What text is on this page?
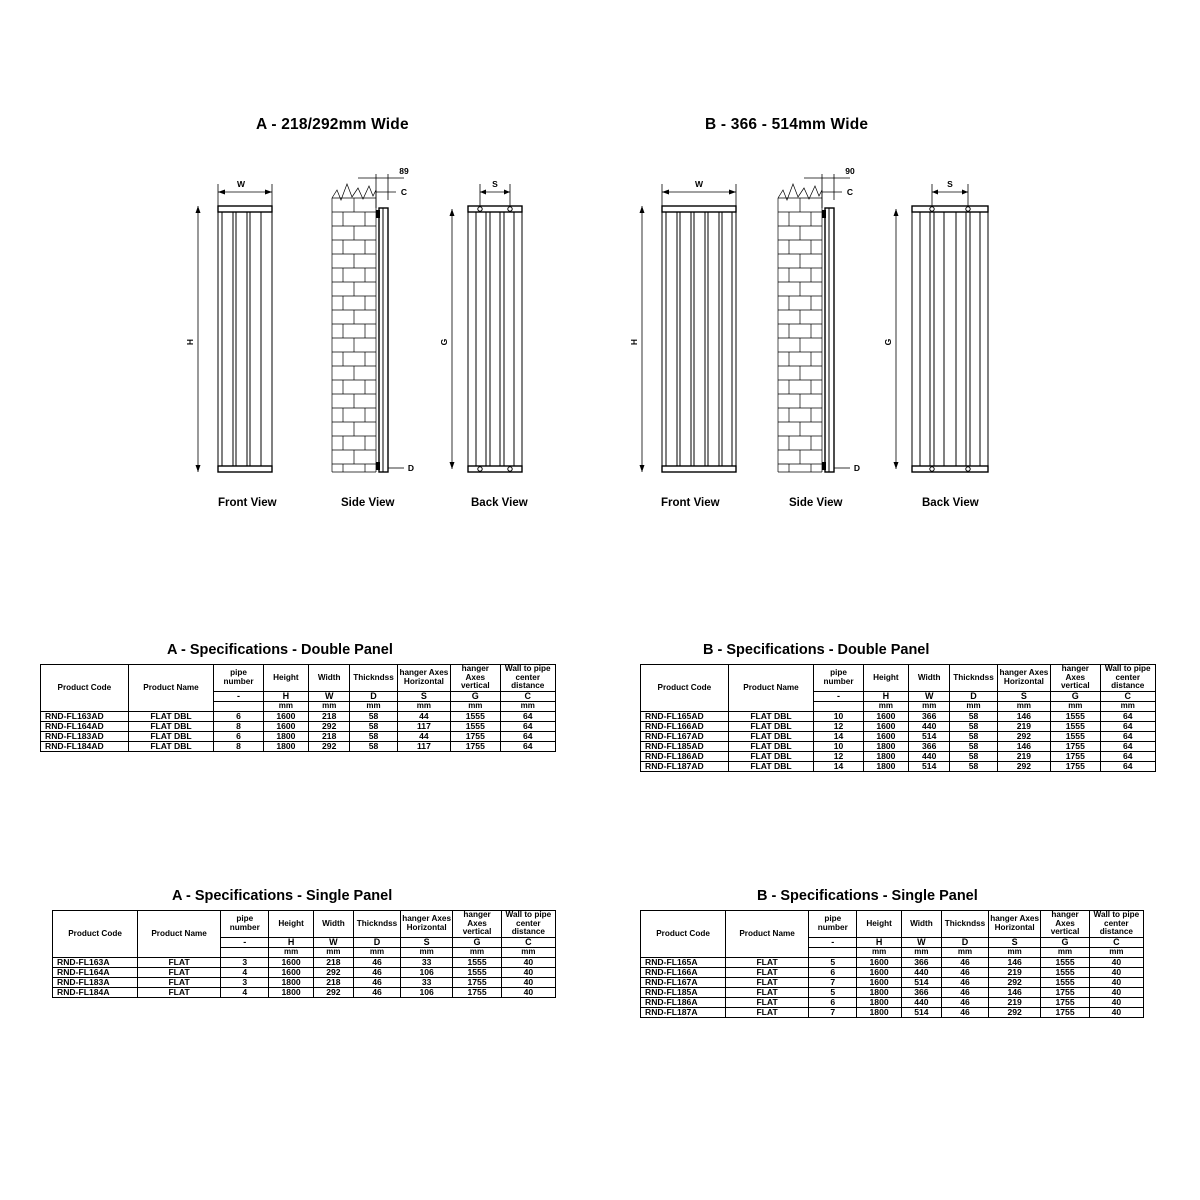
A - 218/292mm Wide
W
H
89
C
D
S
G
Front View	Side View	Back View
B - 366 - 514mm Wide
W
H
90
C
D
S
G
Front View	Side View	Back View
A - Specifications - Double Panel
Product Code	Product Name	pipe number	Height	Width	Thickndss	hanger Axes Horizontal	hanger Axes vertical	Wall to pipe center distance
		-	H	W	D	S	G	C
			mm	mm	mm	mm	mm	mm
RND-FL163AD	FLAT DBL	6	1600	218	58	44	1555	64
RND-FL164AD	FLAT DBL	8	1600	292	58	117	1555	64
RND-FL183AD	FLAT DBL	6	1800	218	58	44	1755	64
RND-FL184AD	FLAT DBL	8	1800	292	58	117	1755	64
B - Specifications - Double Panel
Product Code	Product Name	pipe number	Height	Width	Thickndss	hanger Axes Horizontal	hanger Axes vertical	Wall to pipe center distance
		-	H	W	D	S	G	C
			mm	mm	mm	mm	mm	mm
RND-FL165AD	FLAT DBL	10	1600	366	58	146	1555	64
RND-FL166AD	FLAT DBL	12	1600	440	58	219	1555	64
RND-FL167AD	FLAT DBL	14	1600	514	58	292	1555	64
RND-FL185AD	FLAT DBL	10	1800	366	58	146	1755	64
RND-FL186AD	FLAT DBL	12	1800	440	58	219	1755	64
RND-FL187AD	FLAT DBL	14	1800	514	58	292	1755	64
A - Specifications - Single Panel
Product Code	Product Name	pipe number	Height	Width	Thickndss	hanger Axes Horizontal	hanger Axes vertical	Wall to pipe center distance
		-	H	W	D	S	G	C
			mm	mm	mm	mm	mm	mm
RND-FL163A	FLAT	3	1600	218	46	33	1555	40
RND-FL164A	FLAT	4	1600	292	46	106	1555	40
RND-FL183A	FLAT	3	1800	218	46	33	1755	40
RND-FL184A	FLAT	4	1800	292	46	106	1755	40
B - Specifications - Single Panel
Product Code	Product Name	pipe number	Height	Width	Thickndss	hanger Axes Horizontal	hanger Axes vertical	Wall to pipe center distance
		-	H	W	D	S	G	C
			mm	mm	mm	mm	mm	mm
RND-FL165A	FLAT	5	1600	366	46	146	1555	40
RND-FL166A	FLAT	6	1600	440	46	219	1555	40
RND-FL167A	FLAT	7	1600	514	46	292	1555	40
RND-FL185A	FLAT	5	1800	366	46	146	1755	40
RND-FL186A	FLAT	6	1800	440	46	219	1755	40
RND-FL187A	FLAT	7	1800	514	46	292	1755	40
